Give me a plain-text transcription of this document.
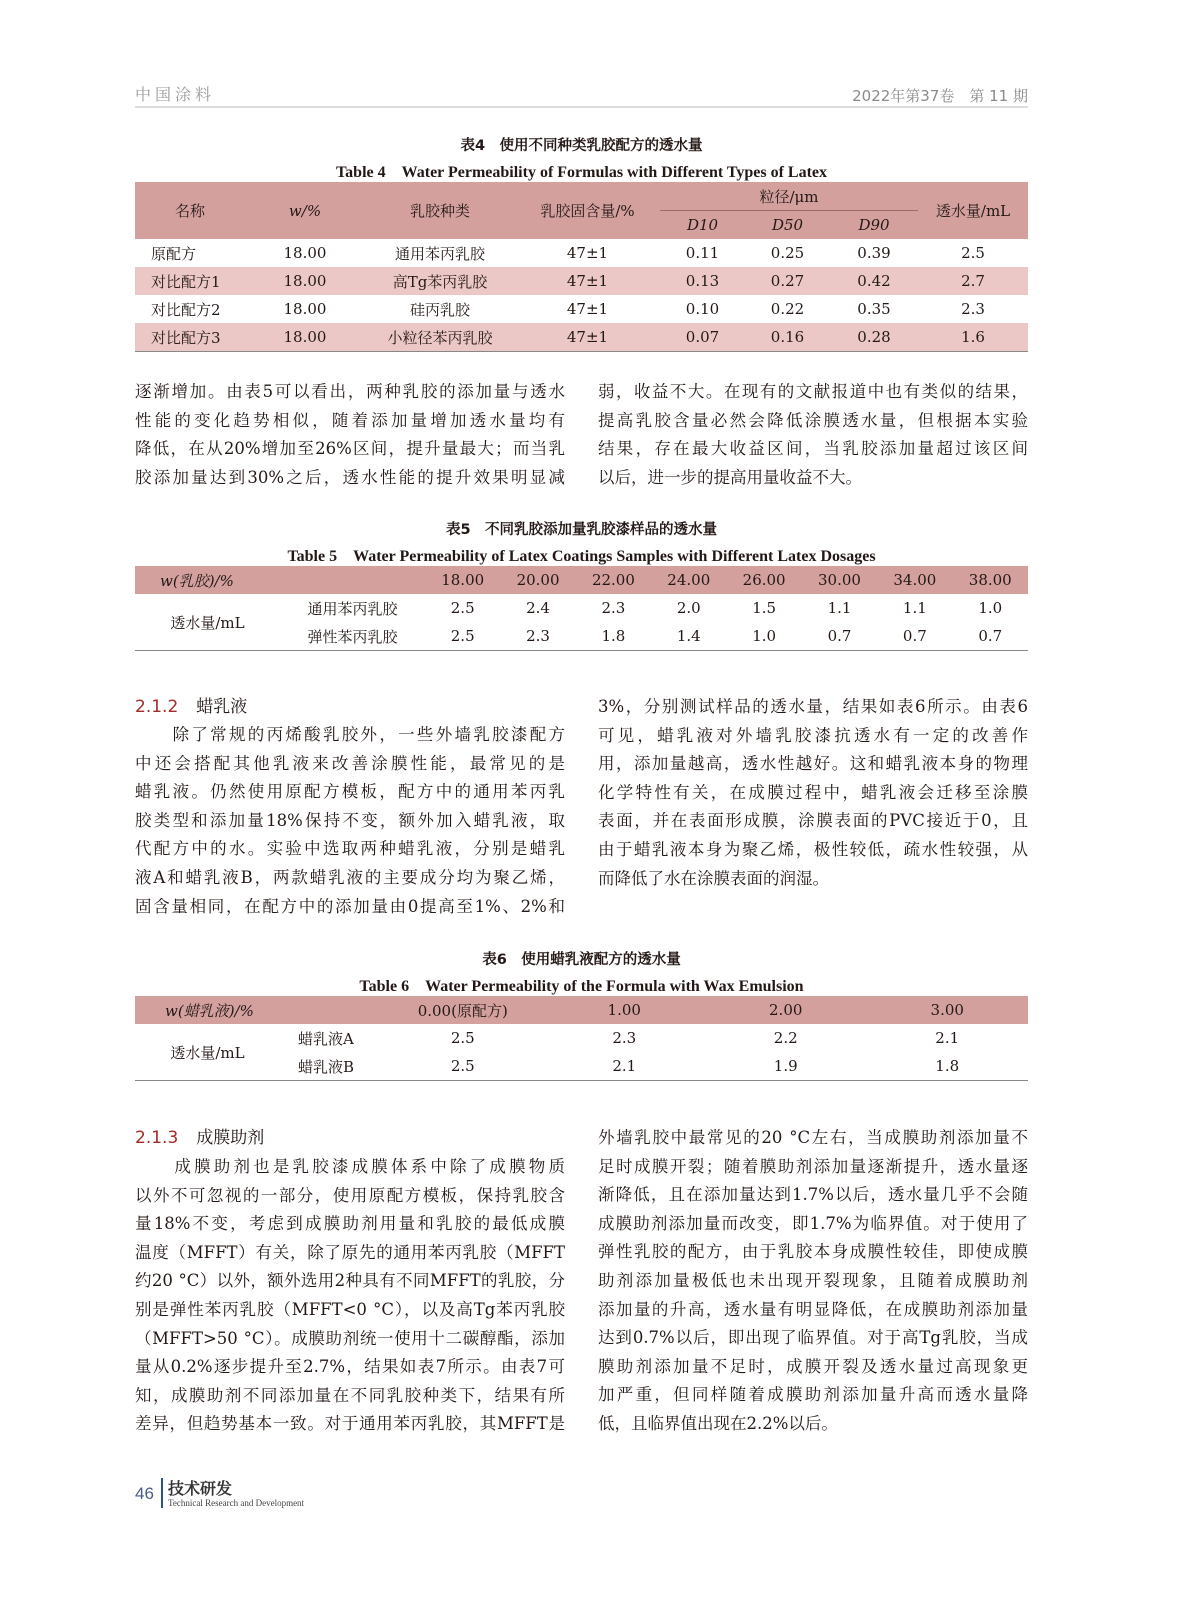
中国涂料	2022年第37卷　第 11 期
表4　使用不同种类乳胶配方的透水量
Table 4　Water Permeability of Formulas with Different Types of Latex
名称	w/%	乳胶种类	乳胶固含量/%	粒径/μm			透水量/mL
				D10	D50	D90	
原配方	18.00	通用苯丙乳胶	47±1	0.11	0.25	0.39	2.5
对比配方1	18.00	高Tg苯丙乳胶	47±1	0.13	0.27	0.42	2.7
对比配方2	18.00	硅丙乳胶	47±1	0.10	0.22	0.35	2.3
对比配方3	18.00	小粒径苯丙乳胶	47±1	0.07	0.16	0.28	1.6
逐渐增加。由表5可以看出，两种乳胶的添加量与透水
性能的变化趋势相似，随着添加量增加透水量均有
降低，在从20%增加至26%区间，提升量最大；而当乳
胶添加量达到30%之后，透水性能的提升效果明显减
弱，收益不大。在现有的文献报道中也有类似的结果，
提高乳胶含量必然会降低涂膜透水量，但根据本实验
结果，存在最大收益区间，当乳胶添加量超过该区间
以后，进一步的提高用量收益不大。
表5　不同乳胶添加量乳胶漆样品的透水量
Table 5　Water Permeability of Latex Coatings Samples with Different Latex Dosages
w(乳胶)/%		18.00	20.00	22.00	24.00	26.00	30.00	34.00	38.00
透水量/mL	通用苯丙乳胶	2.5	2.4	2.3	2.0	1.5	1.1	1.1	1.0
	弹性苯丙乳胶	2.5	2.3	1.8	1.4	1.0	0.7	0.7	0.7
2.1.2 蜡乳液
　　除了常规的丙烯酸乳胶外，一些外墙乳胶漆配方
中还会搭配其他乳液来改善涂膜性能，最常见的是
蜡乳液。仍然使用原配方模板，配方中的通用苯丙乳
胶类型和添加量18%保持不变，额外加入蜡乳液，取
代配方中的水。实验中选取两种蜡乳液，分别是蜡乳
液A和蜡乳液B，两款蜡乳液的主要成分均为聚乙烯，
固含量相同，在配方中的添加量由0提高至1%、2%和
3%，分别测试样品的透水量，结果如表6所示。由表6
可见，蜡乳液对外墙乳胶漆抗透水有一定的改善作
用，添加量越高，透水性越好。这和蜡乳液本身的物理
化学特性有关，在成膜过程中，蜡乳液会迁移至涂膜
表面，并在表面形成膜，涂膜表面的PVC接近于0，且
由于蜡乳液本身为聚乙烯，极性较低，疏水性较强，从
而降低了水在涂膜表面的润湿。
表6　使用蜡乳液配方的透水量
Table 6　Water Permeability of the Formula with Wax Emulsion
w(蜡乳液)/%		0.00(原配方)	1.00	2.00	3.00
透水量/mL	蜡乳液A	2.5	2.3	2.2	2.1
	蜡乳液B	2.5	2.1	1.9	1.8
2.1.3 成膜助剂
　　成膜助剂也是乳胶漆成膜体系中除了成膜物质
以外不可忽视的一部分，使用原配方模板，保持乳胶含
量18%不变，考虑到成膜助剂用量和乳胶的最低成膜
温度（MFFT）有关，除了原先的通用苯丙乳胶（MFFT
约20 °C）以外，额外选用2种具有不同MFFT的乳胶，分
别是弹性苯丙乳胶（MFFT<0 °C），以及高Tg苯丙乳胶
（MFFT>50 °C）。成膜助剂统一使用十二碳醇酯，添加
量从0.2%逐步提升至2.7%，结果如表7所示。由表7可
知，成膜助剂不同添加量在不同乳胶种类下，结果有所
差异，但趋势基本一致。对于通用苯丙乳胶，其MFFT是
外墙乳胶中最常见的20 °C左右，当成膜助剂添加量不
足时成膜开裂；随着膜助剂添加量逐渐提升，透水量逐
渐降低，且在添加量达到1.7%以后，透水量几乎不会随
成膜助剂添加量而改变，即1.7%为临界值。对于使用了
弹性乳胶的配方，由于乳胶本身成膜性较佳，即使成膜
助剂添加量极低也未出现开裂现象，且随着成膜助剂
添加量的升高，透水量有明显降低，在成膜助剂添加量
达到0.7%以后，即出现了临界值。对于高Tg乳胶，当成
膜助剂添加量不足时，成膜开裂及透水量过高现象更
加严重，但同样随着成膜助剂添加量升高而透水量降
低，且临界值出现在2.2%以后。
46 技术研发
Technical Research and Development
